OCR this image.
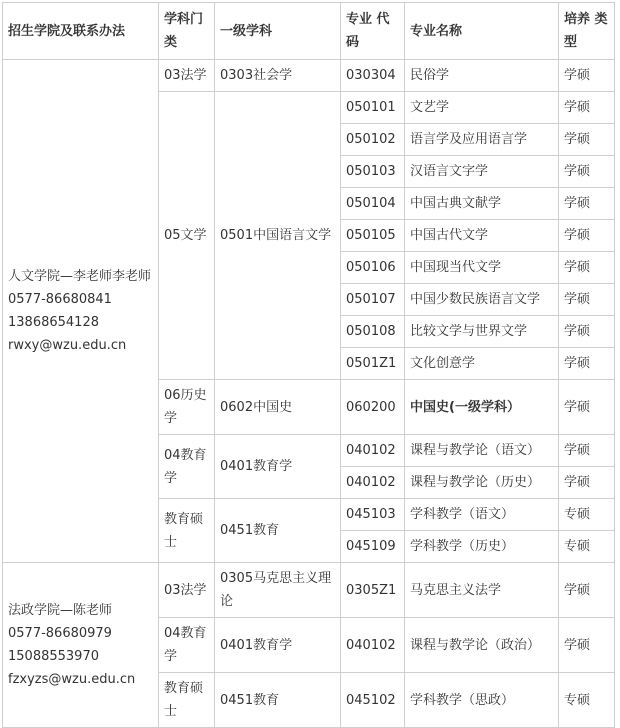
招生学院及联系办法	学科门类	一级学科	专业 代码	专业名称	培养 类型

人文学院—李老师李老师
0577-86680841
13868654128
rwxy@wzu.edu.cn	03法学	0303社会学	030304	民俗学	学硕
	05文学	0501中国语言文学	050101	文艺学	学硕
			050102	语言学及应用语言学	学硕
			050103	汉语言文字学	学硕
			050104	中国古典文献学	学硕
			050105	中国古代文学	学硕
			050106	中国现当代文学	学硕
			050107	中国少数民族语言文学	学硕
			050108	比较文学与世界文学	学硕
			0501Z1	文化创意学	学硕
	06历史学	0602中国史	060200	中国史(一级学科）	学硕
	04教育学	0401教育学	040102	课程与教学论（语文）	学硕
			040102	课程与教学论（历史）	学硕
	教育硕士	0451教育	045103	学科教学（语文）	专硕
			045109	学科教学（历史）	专硕

法政学院—陈老师
0577-86680979
15088553970
fzxyzs@wzu.edu.cn	03法学	0305马克思主义理论	0305Z1	马克思主义法学	学硕
	04教育学	0401教育学	040102	课程与教学论（政治）	学硕
	教育硕士	0451教育	045102	学科教学（思政）	专硕
